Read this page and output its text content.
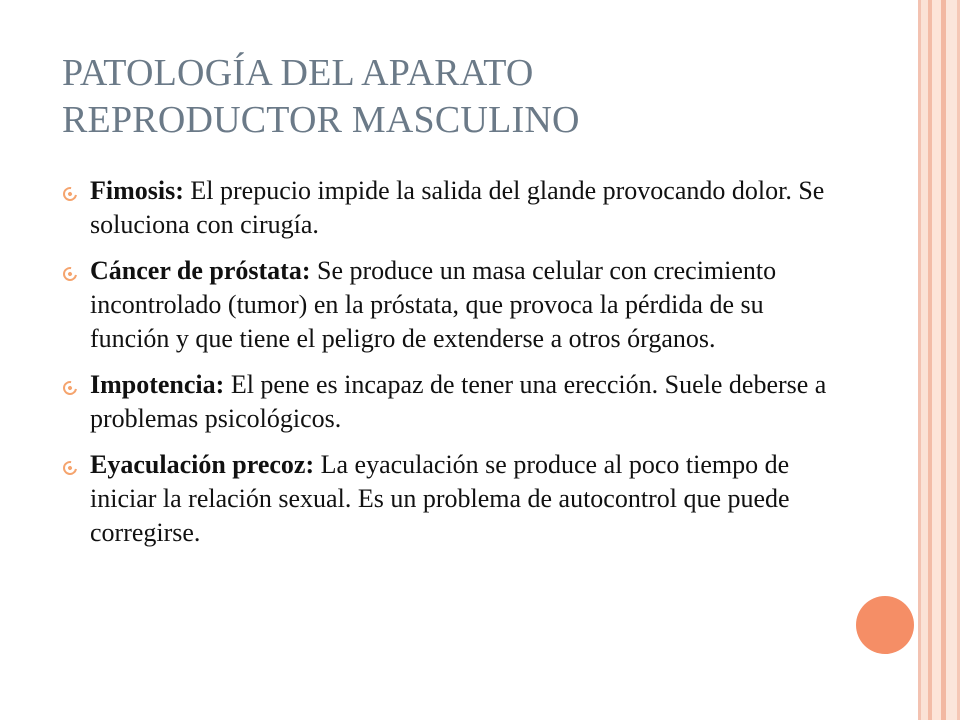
PATOLOGÍA DEL APARATO
REPRODUCTOR MASCULINO
Fimosis: El prepucio impide la salida del glande provocando dolor. Se soluciona con cirugía.
Cáncer de próstata: Se produce un masa celular con crecimiento incontrolado (tumor) en la próstata, que provoca la pérdida de su función y que tiene el peligro de extenderse a otros órganos.
Impotencia: El pene es incapaz de tener una erección. Suele deberse a problemas psicológicos.
Eyaculación precoz: La eyaculación se produce al poco tiempo de iniciar la relación sexual. Es un problema de autocontrol que puede corregirse.
